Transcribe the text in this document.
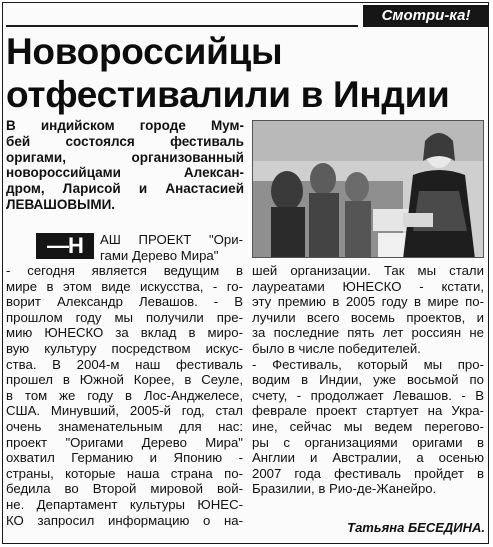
Смотри-ка!
Новороссийцы
отфестивалили в Индии
В индийском городе Мум-
бей состоялся фестиваль
оригами, организованный
новороссийцами Алексан-
дром, Ларисой и Анастасией
ЛЕВАШОВЫМИ.
—Н	АШ ПРОЕКТ "Ори-
гами Дерево Мира"
- сегодня является ведущим в
мире в этом виде искусства, - го-
ворит Александр Левашов. - В
прошлом году мы получили пре-
мию ЮНЕСКО за вклад в миро-
вую культуру посредством искус-
ства. В 2004-м наш фестиваль
прошел в Южной Корее, в Сеуле,
в том же году в Лос-Анджелесе,
США. Минувший, 2005-й год, стал
очень знаменательным для нас:
проект "Оригами Дерево Мира"
охватил Германию и Японию -
страны, которые наша страна по-
бедила во Второй мировой вой-
не. Департамент культуры ЮНЕС-
КО запросил информацию о на-
шей организации. Так мы стали
лауреатами ЮНЕСКО - кстати,
эту премию в 2005 году в мире по-
лучили всего восемь проектов, и
за последние пять лет россиян не
было в числе победителей.
- Фестиваль, который мы про-
водим в Индии, уже восьмой по
счету, - продолжает Левашов. - В
феврале проект стартует на Укра-
ине, сейчас мы ведем перегово-
ры с организациями оригами в
Англии и Австралии, а осенью
2007 года фестиваль пройдет в
Бразилии, в Рио-де-Жанейро.
Татьяна БЕСЕДИНА.
